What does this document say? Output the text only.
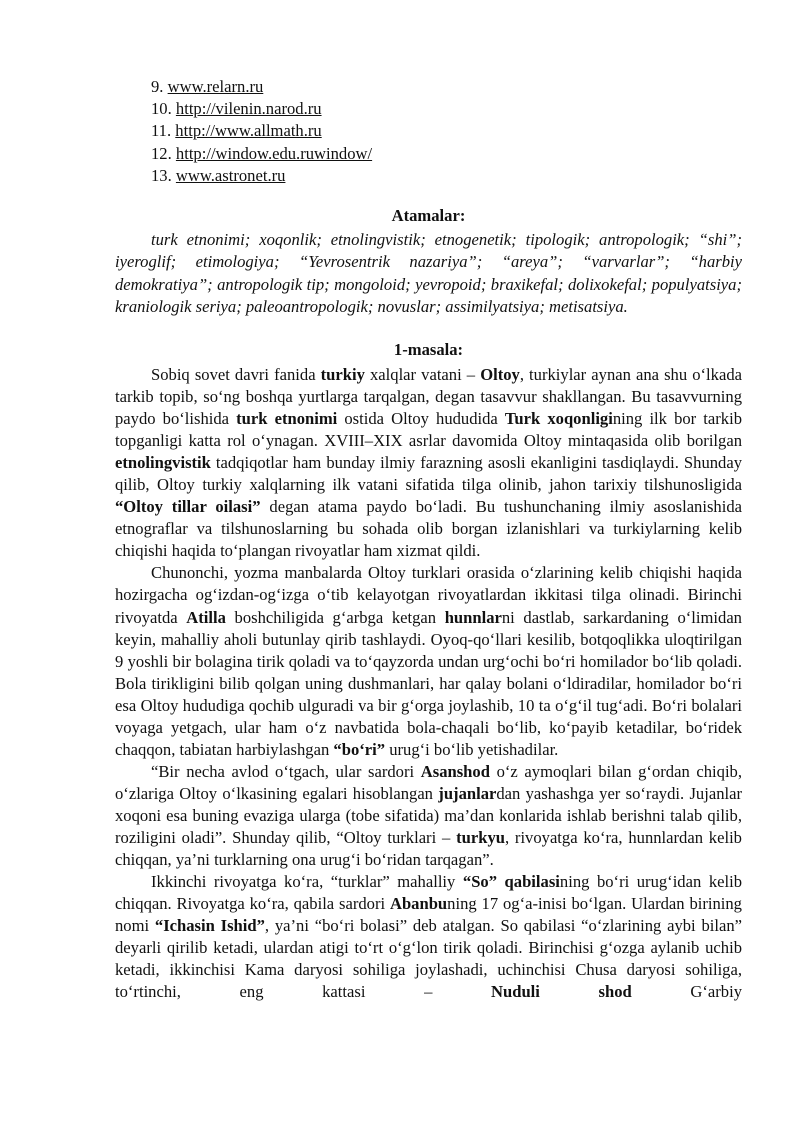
9. www.relarn.ru
10. http://vilenin.narod.ru
11. http://www.allmath.ru
12. http://window.edu.ruwindow/
13. www.astronet.ru
Atamalar:
turk etnonimi; xoqonlik; etnolingvistik; etnogenetik; tipologik; antropologik; “shi”; iyeroglif; etimologiya; “Yevrosentrik nazariya”; “areya”; “varvarlar”; “harbiy demokratiya”; antropologik tip; mongoloid; yevropoid; braxikefal; dolixokefal; populyatsiya; kraniologik seriya; paleoantropologik; novuslar; assimilyatsiya; metisatsiya.
1-masala:

Sobiq sovet davri fanida turkiy xalqlar vatani – Oltoy, turkiylar aynan ana shu o‘lkada tarkib topib, so‘ng boshqa yurtlarga tarqalgan, degan tasavvur shakllangan. Bu tasavvurning paydo bo‘lishida turk etnonimi ostida Oltoy hududida Turk xoqonligining ilk bor tarkib topganligi katta rol o‘ynagan. XVIII–XIX asrlar davomida Oltoy mintaqasida olib borilgan etnolingvistik tadqiqotlar ham bunday ilmiy farazning asosli ekanligini tasdiqlaydi. Shunday qilib, Oltoy turkiy xalqlarning ilk vatani sifatida tilga olinib, jahon tarixiy tilshunosligida “Oltoy tillar oilasi” degan atama paydo bo‘ladi. Bu tushunchaning ilmiy asoslanishida etnograflar va tilshunoslarning bu sohada olib borgan izlanishlari va turkiylarning kelib chiqishi haqida to‘plangan rivoyatlar ham xizmat qildi.

Chunonchi, yozma manbalarda Oltoy turklari orasida o‘zlarining kelib chiqishi haqida hozirgacha og‘izdan-og‘izga o‘tib kelayotgan rivoyatlardan ikkitasi tilga olinadi. Birinchi rivoyatda Atilla boshchiligida g‘arbga ketgan hunnlarni dastlab, sarkardaning o‘limidan keyin, mahalliy aholi butunlay qirib tashlaydi. Oyoq-qo‘llari kesilib, botqoqlikka uloqtirilgan 9 yoshli bir bolagina tirik qoladi va to‘qayzorda undan urg‘ochi bo‘ri homilador bo‘lib qoladi. Bola tirikligini bilib qolgan uning dushmanlari, har qalay bolani o‘ldiradilar, homilador bo‘ri esa Oltoy hududiga qochib ulguradi va bir g‘orga joylashib, 10 ta o‘g‘il tug‘adi. Bo‘ri bolalari voyaga yetgach, ular ham o‘z navbatida bola-chaqali bo‘lib, ko‘payib ketadilar, bo‘ridek chaqqon, tabiatan harbiylashgan “bo‘ri” urug‘i bo‘lib yetishadilar.

“Bir necha avlod o‘tgach, ular sardori Asanshod o‘z aymoqlari bilan g‘ordan chiqib, o‘zlariga Oltoy o‘lkasining egalari hisoblangan jujanlardan yashashga yer so‘raydi. Jujanlar xoqoni esa buning evaziga ularga (tobe sifatida) ma’dan konlarida ishlab berishni talab qilib, roziligini oladi”. Shunday qilib, “Oltoy turklari – turkyu, rivoyatga ko‘ra, hunnlardan kelib chiqqan, ya’ni turklarning ona urug‘i bo‘ridan tarqagan”.

Ikkinchi rivoyatga ko‘ra, “turklar” mahalliy “So” qabilasining bo‘ri urug‘idan kelib chiqqan. Rivoyatga ko‘ra, qabila sardori Abanbuning 17 og‘a-inisi bo‘lgan. Ulardan birining nomi “Ichasin Ishid”, ya’ni “bo‘ri bolasi” deb atalgan. So qabilasi “o‘zlarining aybi bilan” deyarli qirilib ketadi, ulardan atigi to‘rt o‘g‘lon tirik qoladi. Birinchisi g‘ozga aylanib uchib ketadi, ikkinchisi Kama daryosi sohiliga joylashadi, uchinchisi Chusa daryosi sohiliga, to‘rtinchi, eng kattasi – Nuduli shod G‘arbiy
